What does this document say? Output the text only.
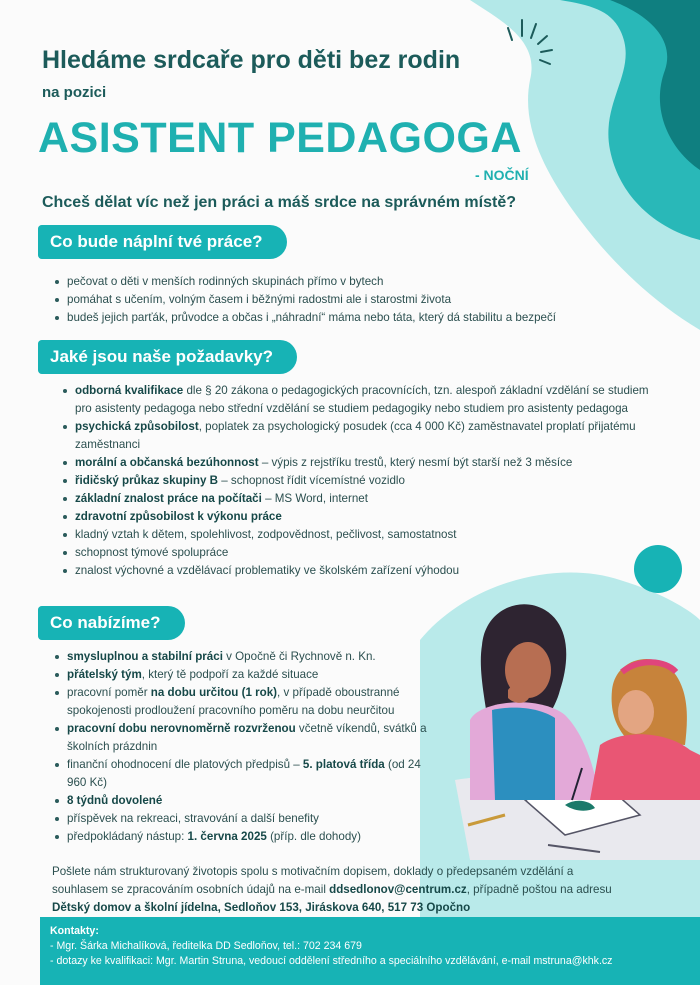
Hledáme srdcaře pro děti bez rodin

na pozici

ASISTENT PEDAGOGA

- NOČNÍ

Chceš dělat víc než jen práci a máš srdce na správném místě?

Co bude náplní tvé práce?
pečovat o děti v menších rodinných skupinách přímo v bytech
pomáhat s učením, volným časem i běžnými radostmi ale i starostmi života
budeš jejich parťák, průvodce a občas i „náhradní“ máma nebo táta, který dá stabilitu a bezpečí
Jaké jsou naše požadavky?
odborná kvalifikace dle § 20 zákona o pedagogických pracovnících, tzn. alespoň základní vzdělání se studiem pro asistenty pedagoga nebo střední vzdělání se studiem pedagogiky nebo studiem pro asistenty pedagoga
psychická způsobilost, poplatek za psychologický posudek (cca 4 000 Kč) zaměstnavatel proplatí přijatému zaměstnanci
morální a občanská bezúhonnost – výpis z rejstříku trestů, který nesmí být starší než 3 měsíce
řidičský průkaz skupiny B – schopnost řídit vícemístné vozidlo
základní znalost práce na počítači – MS Word, internet
zdravotní způsobilost k výkonu práce
kladný vztah k dětem, spolehlivost, zodpovědnost, pečlivost, samostatnost
schopnost týmové spolupráce
znalost výchovné a vzdělávací problematiky ve školském zařízení výhodou
Co nabízíme?
smysluplnou a stabilní práci v Opočně či Rychnově n. Kn.
přátelský tým, který tě podpoří za každé situace
pracovní poměr na dobu určitou (1 rok), v případě oboustranné spokojenosti prodloužení pracovního poměru na dobu neurčitou
pracovní dobu nerovnoměrně rozvrženou včetně víkendů, svátků a školních prázdnin
finanční ohodnocení dle platových předpisů – 5. platová třída (od 24 960 Kč)
8 týdnů dovolené
příspěvek na rekreaci, stravování a další benefity
předpokládaný nástup: 1. června 2025 (příp. dle dohody)
Pošlete nám strukturovaný životopis spolu s motivačním dopisem, doklady o předepsaném vzdělání a
souhlasem se zpracováním osobních údajů na e-mail ddsedlonov@centrum.cz, případně poštou na adresu
Dětský domov a školní jídelna, Sedloňov 153, Jiráskova 640, 517 73 Opočno
Kontakty:
- Mgr. Šárka Michalíková, ředitelka DD Sedloňov, tel.: 702 234 679
- dotazy ke kvalifikaci: Mgr. Martin Struna, vedoucí oddělení středního a speciálního vzdělávání, e-mail mstruna@khk.cz
